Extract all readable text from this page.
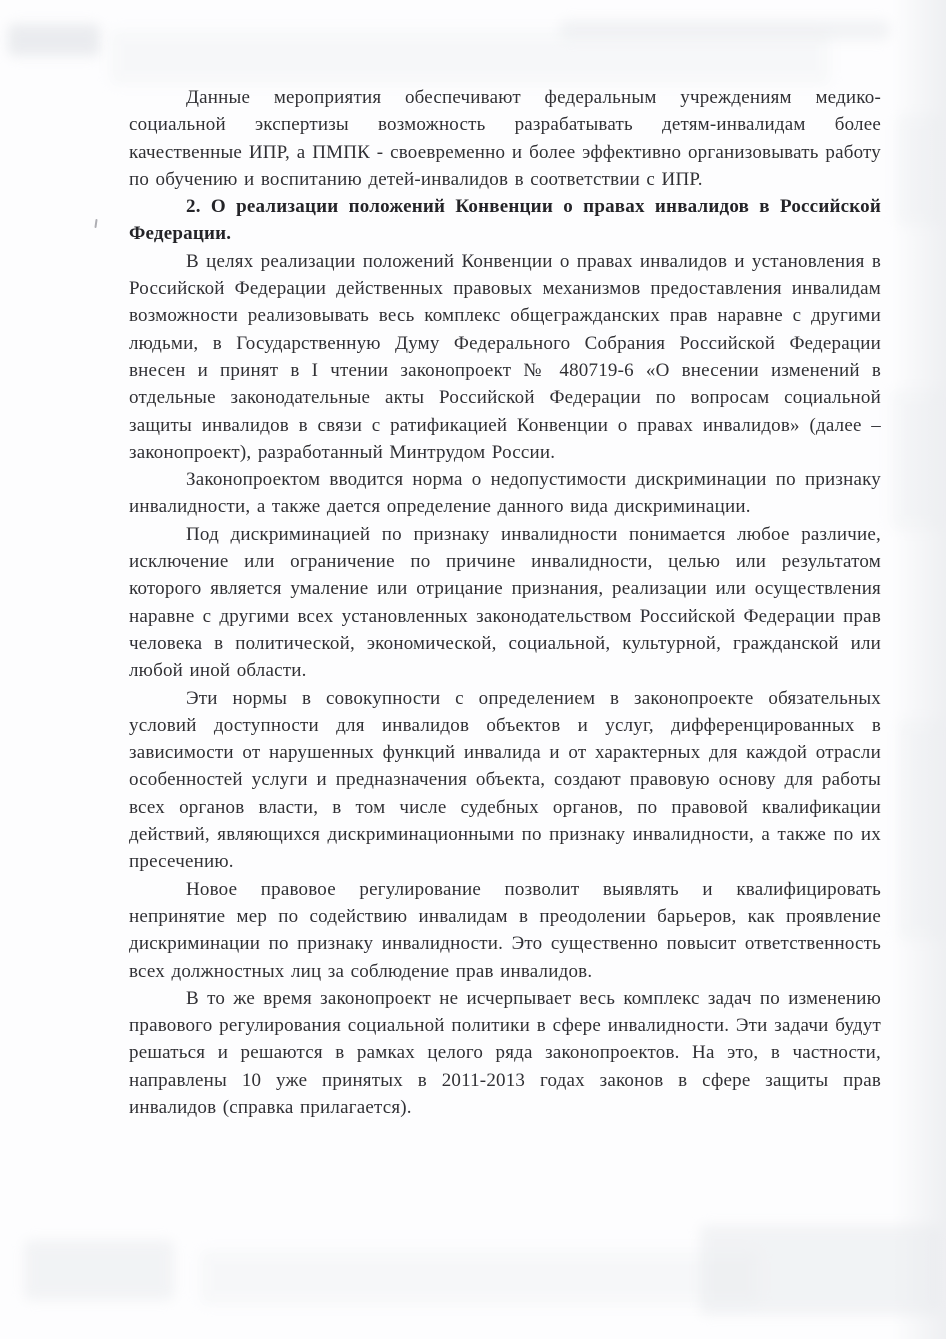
Данные мероприятия обеспечивают федеральным учреждениям медико-социальной экспертизы возможность разрабатывать детям-инвалидам более качественные ИПР, а ПМПК - своевременно и более эффективно организовывать работу по обучению и воспитанию детей-инвалидов в соответствии с ИПР.

2. О реализации положений Конвенции о правах инвалидов в Российской Федерации.

В целях реализации положений Конвенции о правах инвалидов и установления в Российской Федерации действенных правовых механизмов предоставления инвалидам возможности реализовывать весь комплекс общегражданских прав наравне с другими людьми, в Государственную Думу Федерального Собрания Российской Федерации внесен и принят в I чтении законопроект № 480719-6 «О внесении изменений в отдельные законодательные акты Российской Федерации по вопросам социальной защиты инвалидов в связи с ратификацией Конвенции о правах инвалидов» (далее – законопроект), разработанный Минтрудом России.

Законопроектом вводится норма о недопустимости дискриминации по признаку инвалидности, а также дается определение данного вида дискриминации.

Под дискриминацией по признаку инвалидности понимается любое различие, исключение или ограничение по причине инвалидности, целью или результатом которого является умаление или отрицание признания, реализации или осуществления наравне с другими всех установленных законодательством Российской Федерации прав человека в политической, экономической, социальной, культурной, гражданской или любой иной области.

Эти нормы в совокупности с определением в законопроекте обязательных условий доступности для инвалидов объектов и услуг, дифференцированных в зависимости от нарушенных функций инвалида и от характерных для каждой отрасли особенностей услуги и предназначения объекта, создают правовую основу для работы всех органов власти, в том числе судебных органов, по правовой квалификации действий, являющихся дискриминационными по признаку инвалидности, а также по их пресечению.

Новое правовое регулирование позволит выявлять и квалифицировать непринятие мер по содействию инвалидам в преодолении барьеров, как проявление дискриминации по признаку инвалидности. Это существенно повысит ответственность всех должностных лиц за соблюдение прав инвалидов.

В то же время законопроект не исчерпывает весь комплекс задач по изменению правового регулирования социальной политики в сфере инвалидности. Эти задачи будут решаться и решаются в рамках целого ряда законопроектов. На это, в частности, направлены 10 уже принятых в 2011-2013 годах законов в сфере защиты прав инвалидов (справка прилагается).
